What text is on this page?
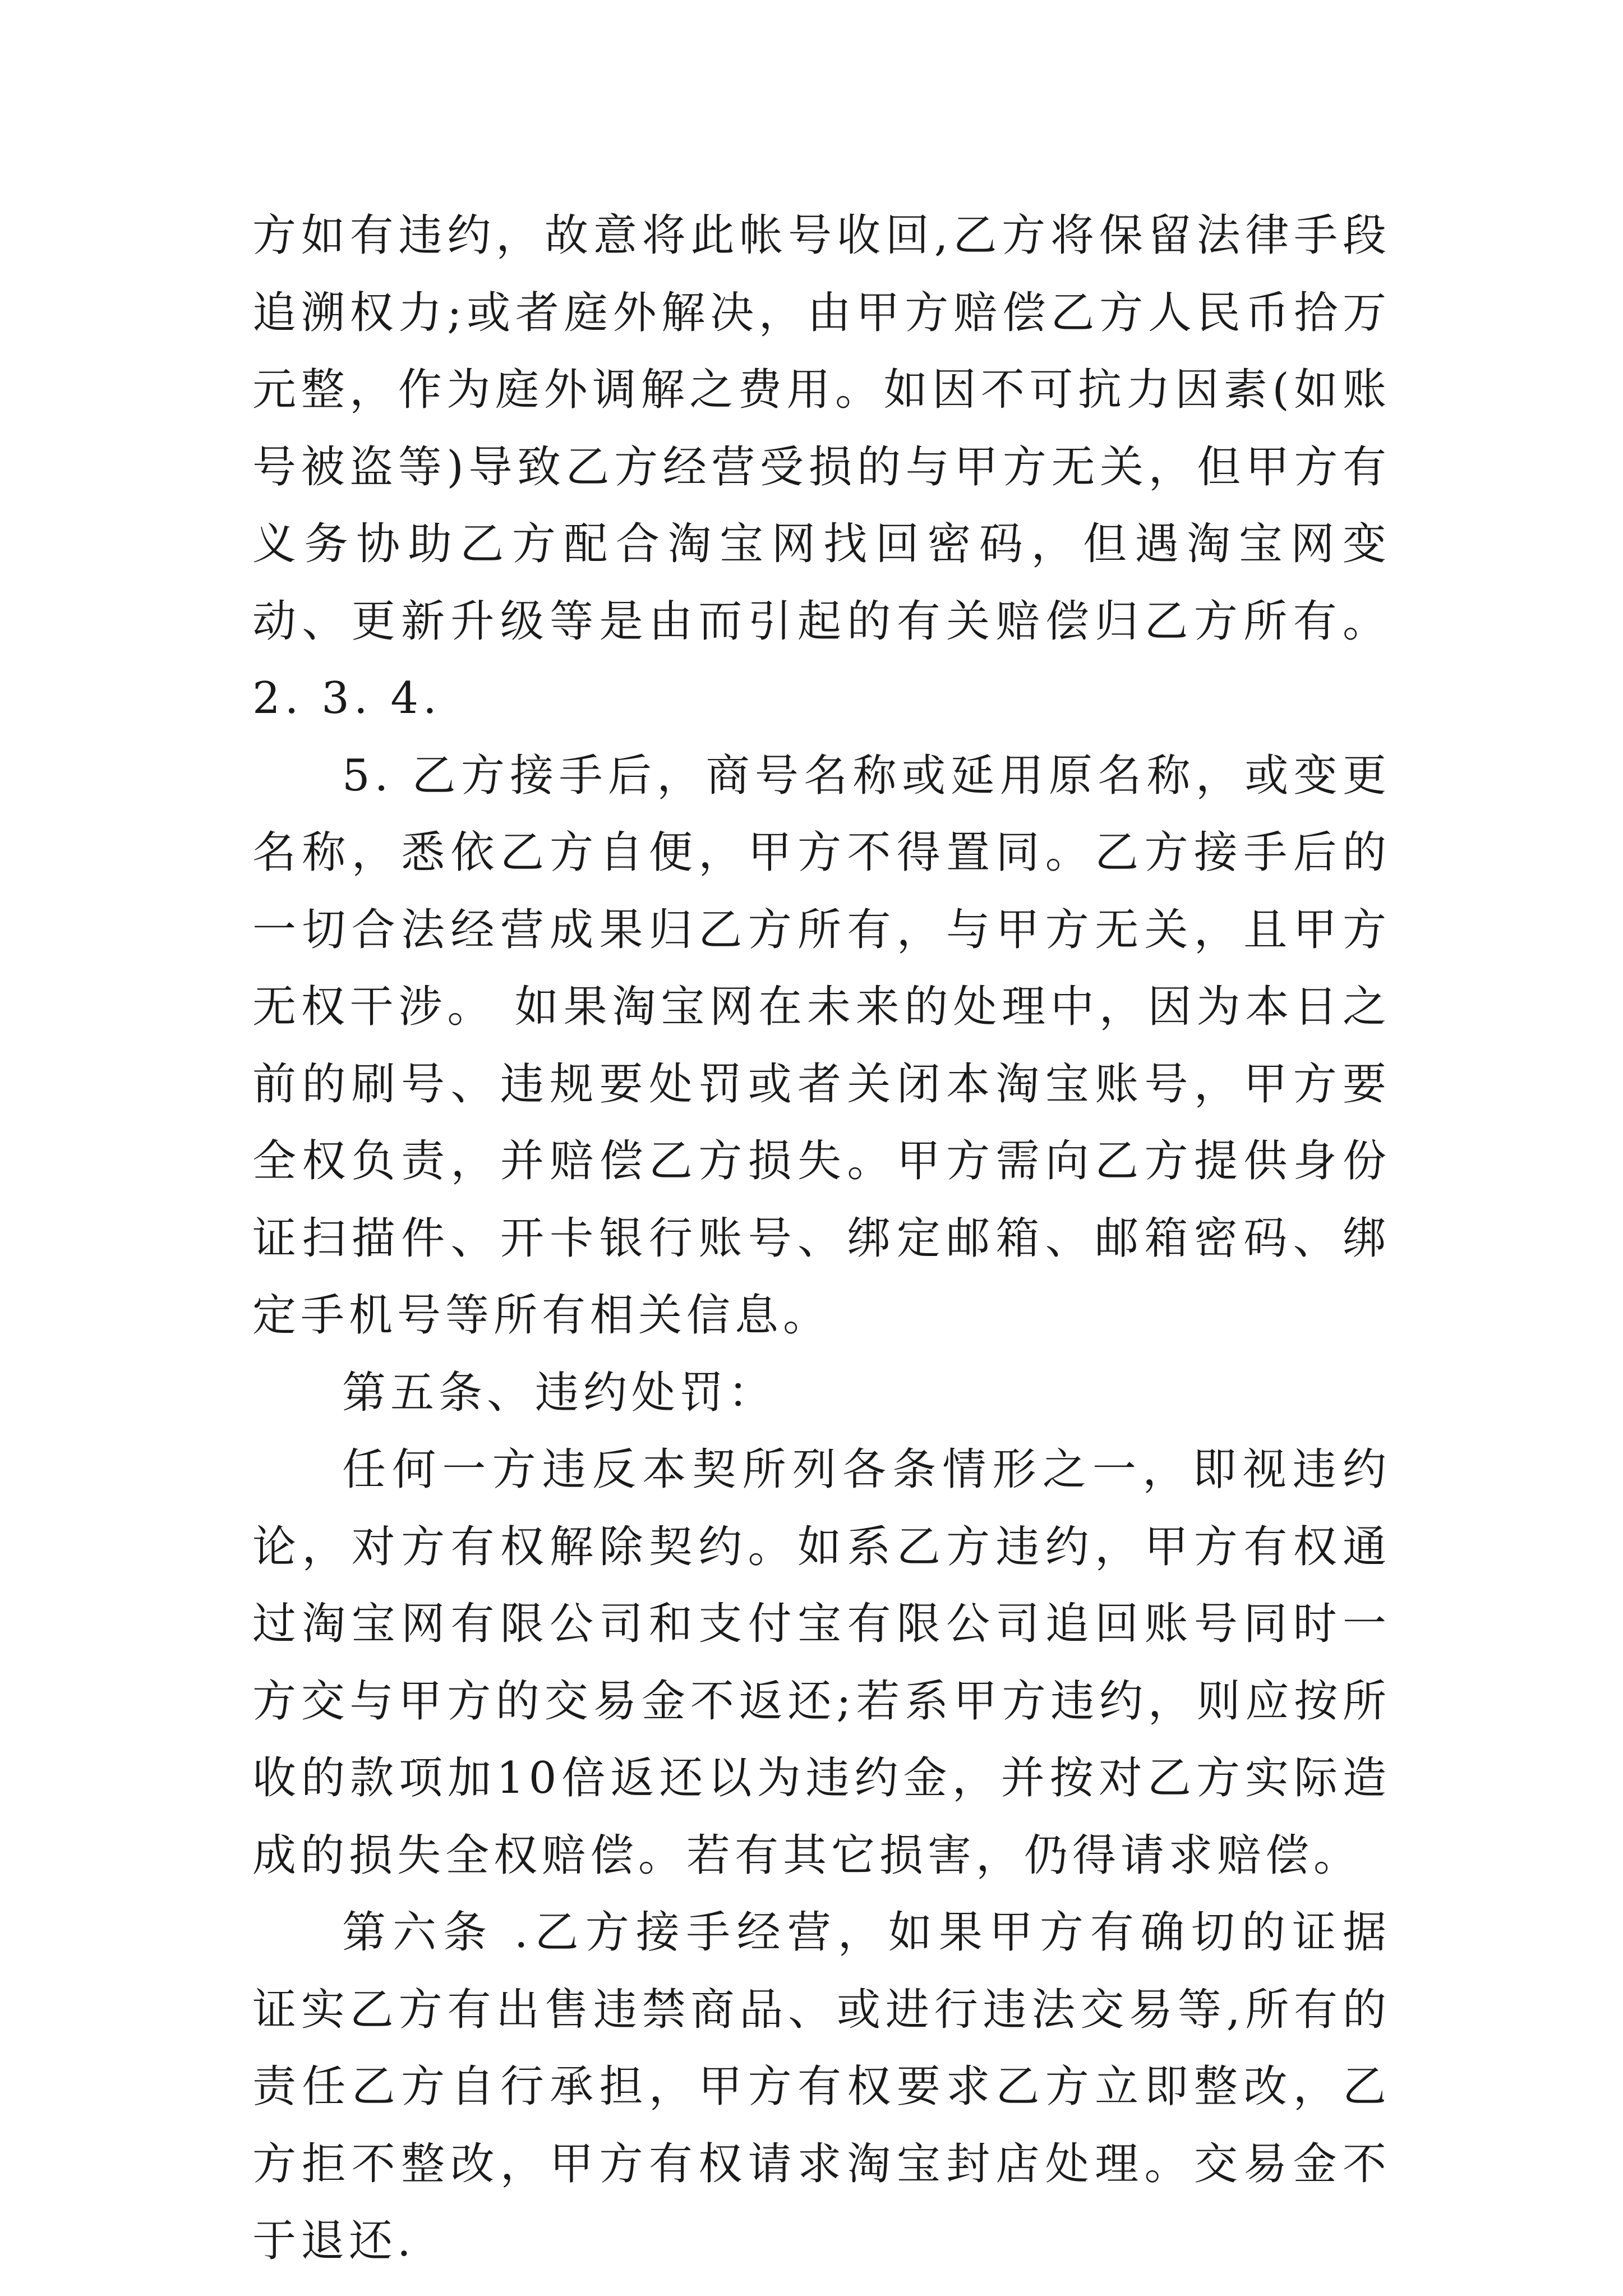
方如有违约，故意将此帐号收回,乙方将保留法律手段追溯权力;或者庭外解决，由甲方赔偿乙方人民币拾万元整，作为庭外调解之费用。如因不可抗力因素(如账号被盗等)导致乙方经营受损的与甲方无关，但甲方有义务协助乙方配合淘宝网找回密码，但遇淘宝网变动、更新升级等是由而引起的有关赔偿归乙方所有。 2. 3. 4.

5. 乙方接手后，商号名称或延用原名称，或变更名称，悉依乙方自便，甲方不得置同。乙方接手后的一切合法经营成果归乙方所有，与甲方无关，且甲方无权干涉。 如果淘宝网在未来的处理中，因为本日之前的刷号、违规要处罚或者关闭本淘宝账号，甲方要全权负责，并赔偿乙方损失。甲方需向乙方提供身份证扫描件、开卡银行账号、绑定邮箱、邮箱密码、绑定手机号等所有相关信息。

第五条、违约处罚：

任何一方违反本契所列各条情形之一，即视违约论，对方有权解除契约。如系乙方违约，甲方有权通过淘宝网有限公司和支付宝有限公司追回账号同时一方交与甲方的交易金不返还;若系甲方违约，则应按所收的款项加10倍返还以为违约金，并按对乙方实际造成的损失全权赔偿。若有其它损害，仍得请求赔偿。

第六条 .乙方接手经营，如果甲方有确切的证据证实乙方有出售违禁商品、或进行违法交易等,所有的责任乙方自行承担，甲方有权要求乙方立即整改，乙方拒不整改，甲方有权请求淘宝封店处理。交易金不于退还.
